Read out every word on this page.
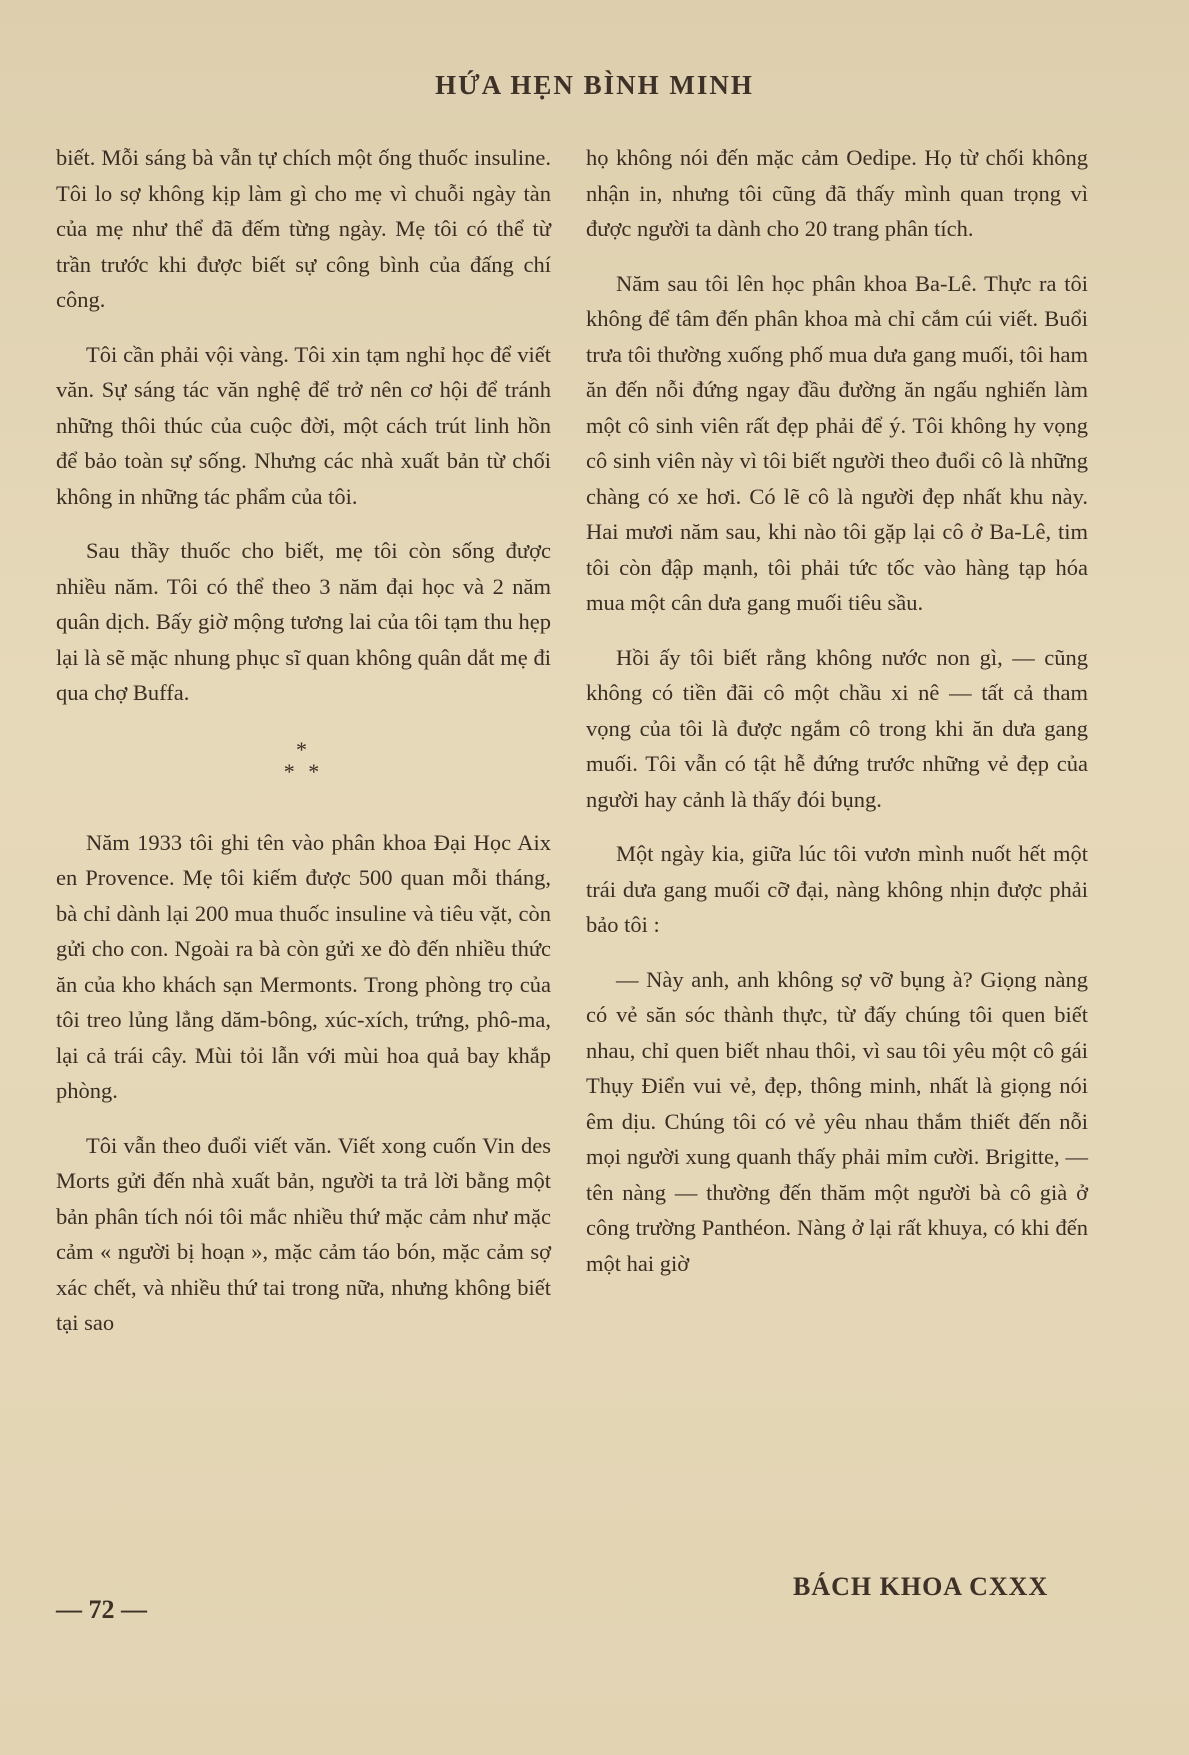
HỨA HẸN BÌNH MINH

biết. Mỗi sáng bà vẫn tự chích một ống thuốc insuline. Tôi lo sợ không kịp làm gì cho mẹ vì chuỗi ngày tàn của mẹ như thể đã đếm từng ngày. Mẹ tôi có thể từ trần trước khi được biết sự công bình của đấng chí công.

Tôi cần phải vội vàng. Tôi xin tạm nghỉ học để viết văn. Sự sáng tác văn nghệ để trở nên cơ hội để tránh những thôi thúc của cuộc đời, một cách trút linh hồn để bảo toàn sự sống. Nhưng các nhà xuất bản từ chối không in những tác phẩm của tôi.

Sau thầy thuốc cho biết, mẹ tôi còn sống được nhiều năm. Tôi có thể theo 3 năm đại học và 2 năm quân dịch. Bấy giờ mộng tương lai của tôi tạm thu hẹp lại là sẽ mặc nhung phục sĩ quan không quân dắt mẹ đi qua chợ Buffa.

*
* *

Năm 1933 tôi ghi tên vào phân khoa Đại Học Aix en Provence. Mẹ tôi kiếm được 500 quan mỗi tháng, bà chỉ dành lại 200 mua thuốc insuline và tiêu vặt, còn gửi cho con. Ngoài ra bà còn gửi xe đò đến nhiều thức ăn của kho khách sạn Mermonts. Trong phòng trọ của tôi treo lủng lẳng dăm-bông, xúc-xích, trứng, phô-ma, lại cả trái cây. Mùi tỏi lẫn với mùi hoa quả bay khắp phòng.

Tôi vẫn theo đuổi viết văn. Viết xong cuốn Vin des Morts gửi đến nhà xuất bản, người ta trả lời bằng một bản phân tích nói tôi mắc nhiều thứ mặc cảm như mặc cảm « người bị hoạn », mặc cảm táo bón, mặc cảm sợ xác chết, và nhiều thứ tai trong nữa, nhưng không biết tại sao

họ không nói đến mặc cảm Oedipe. Họ từ chối không nhận in, nhưng tôi cũng đã thấy mình quan trọng vì được người ta dành cho 20 trang phân tích.

Năm sau tôi lên học phân khoa Ba-Lê. Thực ra tôi không để tâm đến phân khoa mà chỉ cắm cúi viết. Buổi trưa tôi thường xuống phố mua dưa gang muối, tôi ham ăn đến nỗi đứng ngay đầu đường ăn ngấu nghiến làm một cô sinh viên rất đẹp phải để ý. Tôi không hy vọng cô sinh viên này vì tôi biết người theo đuổi cô là những chàng có xe hơi. Có lẽ cô là người đẹp nhất khu này. Hai mươi năm sau, khi nào tôi gặp lại cô ở Ba-Lê, tim tôi còn đập mạnh, tôi phải tức tốc vào hàng tạp hóa mua một cân dưa gang muối tiêu sầu.

Hồi ấy tôi biết rằng không nước non gì, — cũng không có tiền đãi cô một chầu xi nê — tất cả tham vọng của tôi là được ngắm cô trong khi ăn dưa gang muối. Tôi vẫn có tật hễ đứng trước những vẻ đẹp của người hay cảnh là thấy đói bụng.

Một ngày kia, giữa lúc tôi vươn mình nuốt hết một trái dưa gang muối cỡ đại, nàng không nhịn được phải bảo tôi :

— Này anh, anh không sợ vỡ bụng à? Giọng nàng có vẻ săn sóc thành thực, từ đấy chúng tôi quen biết nhau, chỉ quen biết nhau thôi, vì sau tôi yêu một cô gái Thụy Điển vui vẻ, đẹp, thông minh, nhất là giọng nói êm dịu. Chúng tôi có vẻ yêu nhau thắm thiết đến nỗi mọi người xung quanh thấy phải mỉm cười. Brigitte, — tên nàng — thường đến thăm một người bà cô già ở công trường Panthéon. Nàng ở lại rất khuya, có khi đến một hai giờ

— 72 —
BÁCH KHOA CXXX
